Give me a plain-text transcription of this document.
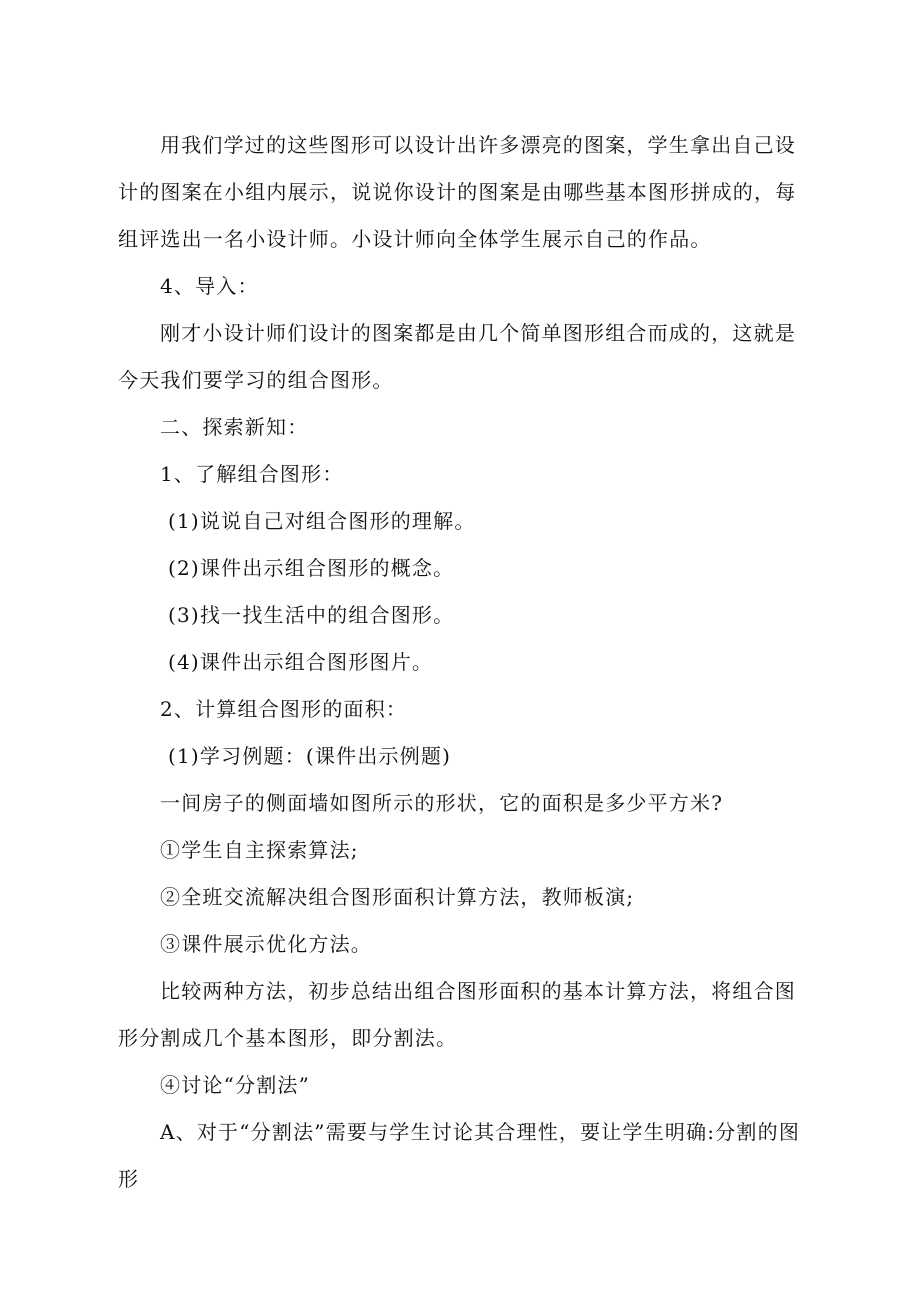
用我们学过的这些图形可以设计出许多漂亮的图案，学生拿出自己设计的图案在小组内展示，说说你设计的图案是由哪些基本图形拼成的，每组评选出一名小设计师。小设计师向全体学生展示自己的作品。

4、导入：

刚才小设计师们设计的图案都是由几个简单图形组合而成的，这就是今天我们要学习的组合图形。

二、探索新知：

1、了解组合图形：

(1)说说自己对组合图形的理解。

(2)课件出示组合图形的概念。

(3)找一找生活中的组合图形。

(4)课件出示组合图形图片。

2、计算组合图形的面积：

(1)学习例题：(课件出示例题)

一间房子的侧面墙如图所示的形状，它的面积是多少平方米?

①学生自主探索算法;

②全班交流解决组合图形面积计算方法，教师板演;

③课件展示优化方法。

比较两种方法，初步总结出组合图形面积的基本计算方法，将组合图形分割成几个基本图形，即分割法。

④讨论“分割法”

A、对于“分割法”需要与学生讨论其合理性，要让学生明确:分割的图形
